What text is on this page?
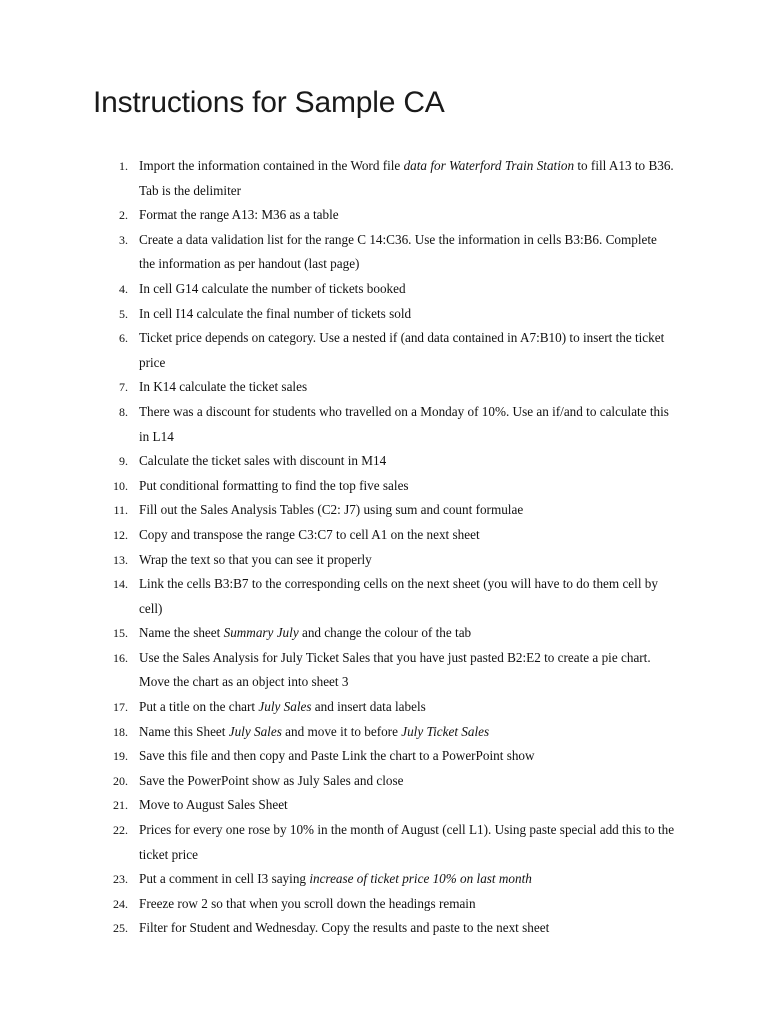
Instructions for Sample CA
1. Import the information contained in the Word file data for Waterford Train Station to fill A13 to B36. Tab is the delimiter
2. Format the range A13: M36 as a table
3. Create a data validation list for the range C 14:C36. Use the information in cells B3:B6. Complete the information as per handout (last page)
4. In cell G14 calculate the number of tickets booked
5. In cell I14 calculate the final number of tickets sold
6. Ticket price depends on category. Use a nested if (and data contained in A7:B10) to insert the ticket price
7. In K14 calculate the ticket sales
8. There was a discount for students who travelled on a Monday of 10%. Use an if/and to calculate this in L14
9. Calculate the ticket sales with discount in M14
10. Put conditional formatting to find the top five sales
11. Fill out the Sales Analysis Tables (C2: J7) using sum and count formulae
12. Copy and transpose the range C3:C7 to cell A1 on the next sheet
13. Wrap the text so that you can see it properly
14. Link the cells B3:B7 to the corresponding cells on the next sheet (you will have to do them cell by cell)
15. Name the sheet Summary July and change the colour of the tab
16. Use the Sales Analysis for July Ticket Sales that you have just pasted B2:E2 to create a pie chart. Move the chart as an object into sheet 3
17. Put a title on the chart July Sales and insert data labels
18. Name this Sheet July Sales and move it to before July Ticket Sales
19. Save this file and then copy and Paste Link the chart to a PowerPoint show
20. Save the PowerPoint show as July Sales and close
21. Move to August Sales Sheet
22. Prices for every one rose by 10% in the month of August (cell L1). Using paste special add this to the ticket price
23. Put a comment in cell I3 saying increase of ticket price 10% on last month
24. Freeze row 2 so that when you scroll down the headings remain
25. Filter for Student and Wednesday. Copy the results and paste to the next sheet
